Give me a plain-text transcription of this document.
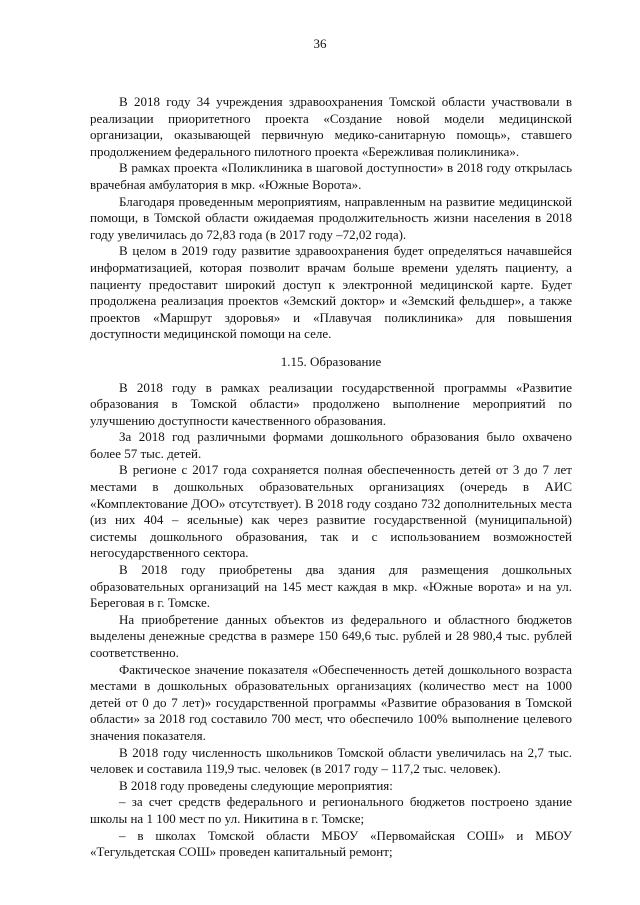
36

В 2018 году 34 учреждения здравоохранения Томской области участвовали в реализации приоритетного проекта «Создание новой модели медицинской организации, оказывающей первичную медико-санитарную помощь», ставшего продолжением федерального пилотного проекта «Бережливая поликлиника».

В рамках проекта «Поликлиника в шаговой доступности» в 2018 году открылась врачебная амбулатория в мкр. «Южные Ворота».

Благодаря проведенным мероприятиям, направленным на развитие медицинской помощи, в Томской области ожидаемая продолжительность жизни населения в 2018 году увеличилась до 72,83 года (в 2017 году –72,02 года).

В целом в 2019 году развитие здравоохранения будет определяться начавшейся информатизацией, которая позволит врачам больше времени уделять пациенту, а пациенту предоставит широкий доступ к электронной медицинской карте. Будет продолжена реализация проектов «Земский доктор» и «Земский фельдшер», а также проектов «Маршрут здоровья» и «Плавучая поликлиника» для повышения доступности медицинской помощи на селе.

1.15. Образование

В 2018 году в рамках реализации государственной программы «Развитие образования в Томской области» продолжено выполнение мероприятий по улучшению доступности качественного образования.

За 2018 год различными формами дошкольного образования было охвачено более 57 тыс. детей.

В регионе с 2017 года сохраняется полная обеспеченность детей от 3 до 7 лет местами в дошкольных образовательных организациях (очередь в АИС «Комплектование ДОО» отсутствует). В 2018 году создано 732 дополнительных места (из них 404 – ясельные) как через развитие государственной (муниципальной) системы дошкольного образования, так и с использованием возможностей негосударственного сектора.

В 2018 году приобретены два здания для размещения дошкольных образовательных организаций на 145 мест каждая в мкр. «Южные ворота» и на ул. Береговая в г. Томске.

На приобретение данных объектов из федерального и областного бюджетов выделены денежные средства в размере 150 649,6 тыс. рублей и 28 980,4 тыс. рублей соответственно.

Фактическое значение показателя «Обеспеченность детей дошкольного возраста местами в дошкольных образовательных организациях (количество мест на 1000 детей от 0 до 7 лет)» государственной программы «Развитие образования в Томской области» за 2018 год составило 700 мест, что обеспечило 100% выполнение целевого значения показателя.

В 2018 году численность школьников Томской области увеличилась на 2,7 тыс. человек и составила 119,9 тыс. человек (в 2017 году – 117,2 тыс. человек).

В 2018 году проведены следующие мероприятия:

– за счет средств федерального и регионального бюджетов построено здание школы на 1 100 мест по ул. Никитина в г. Томске;

– в школах Томской области МБОУ «Первомайская СОШ» и МБОУ «Тегульдетская СОШ» проведен капитальный ремонт;
